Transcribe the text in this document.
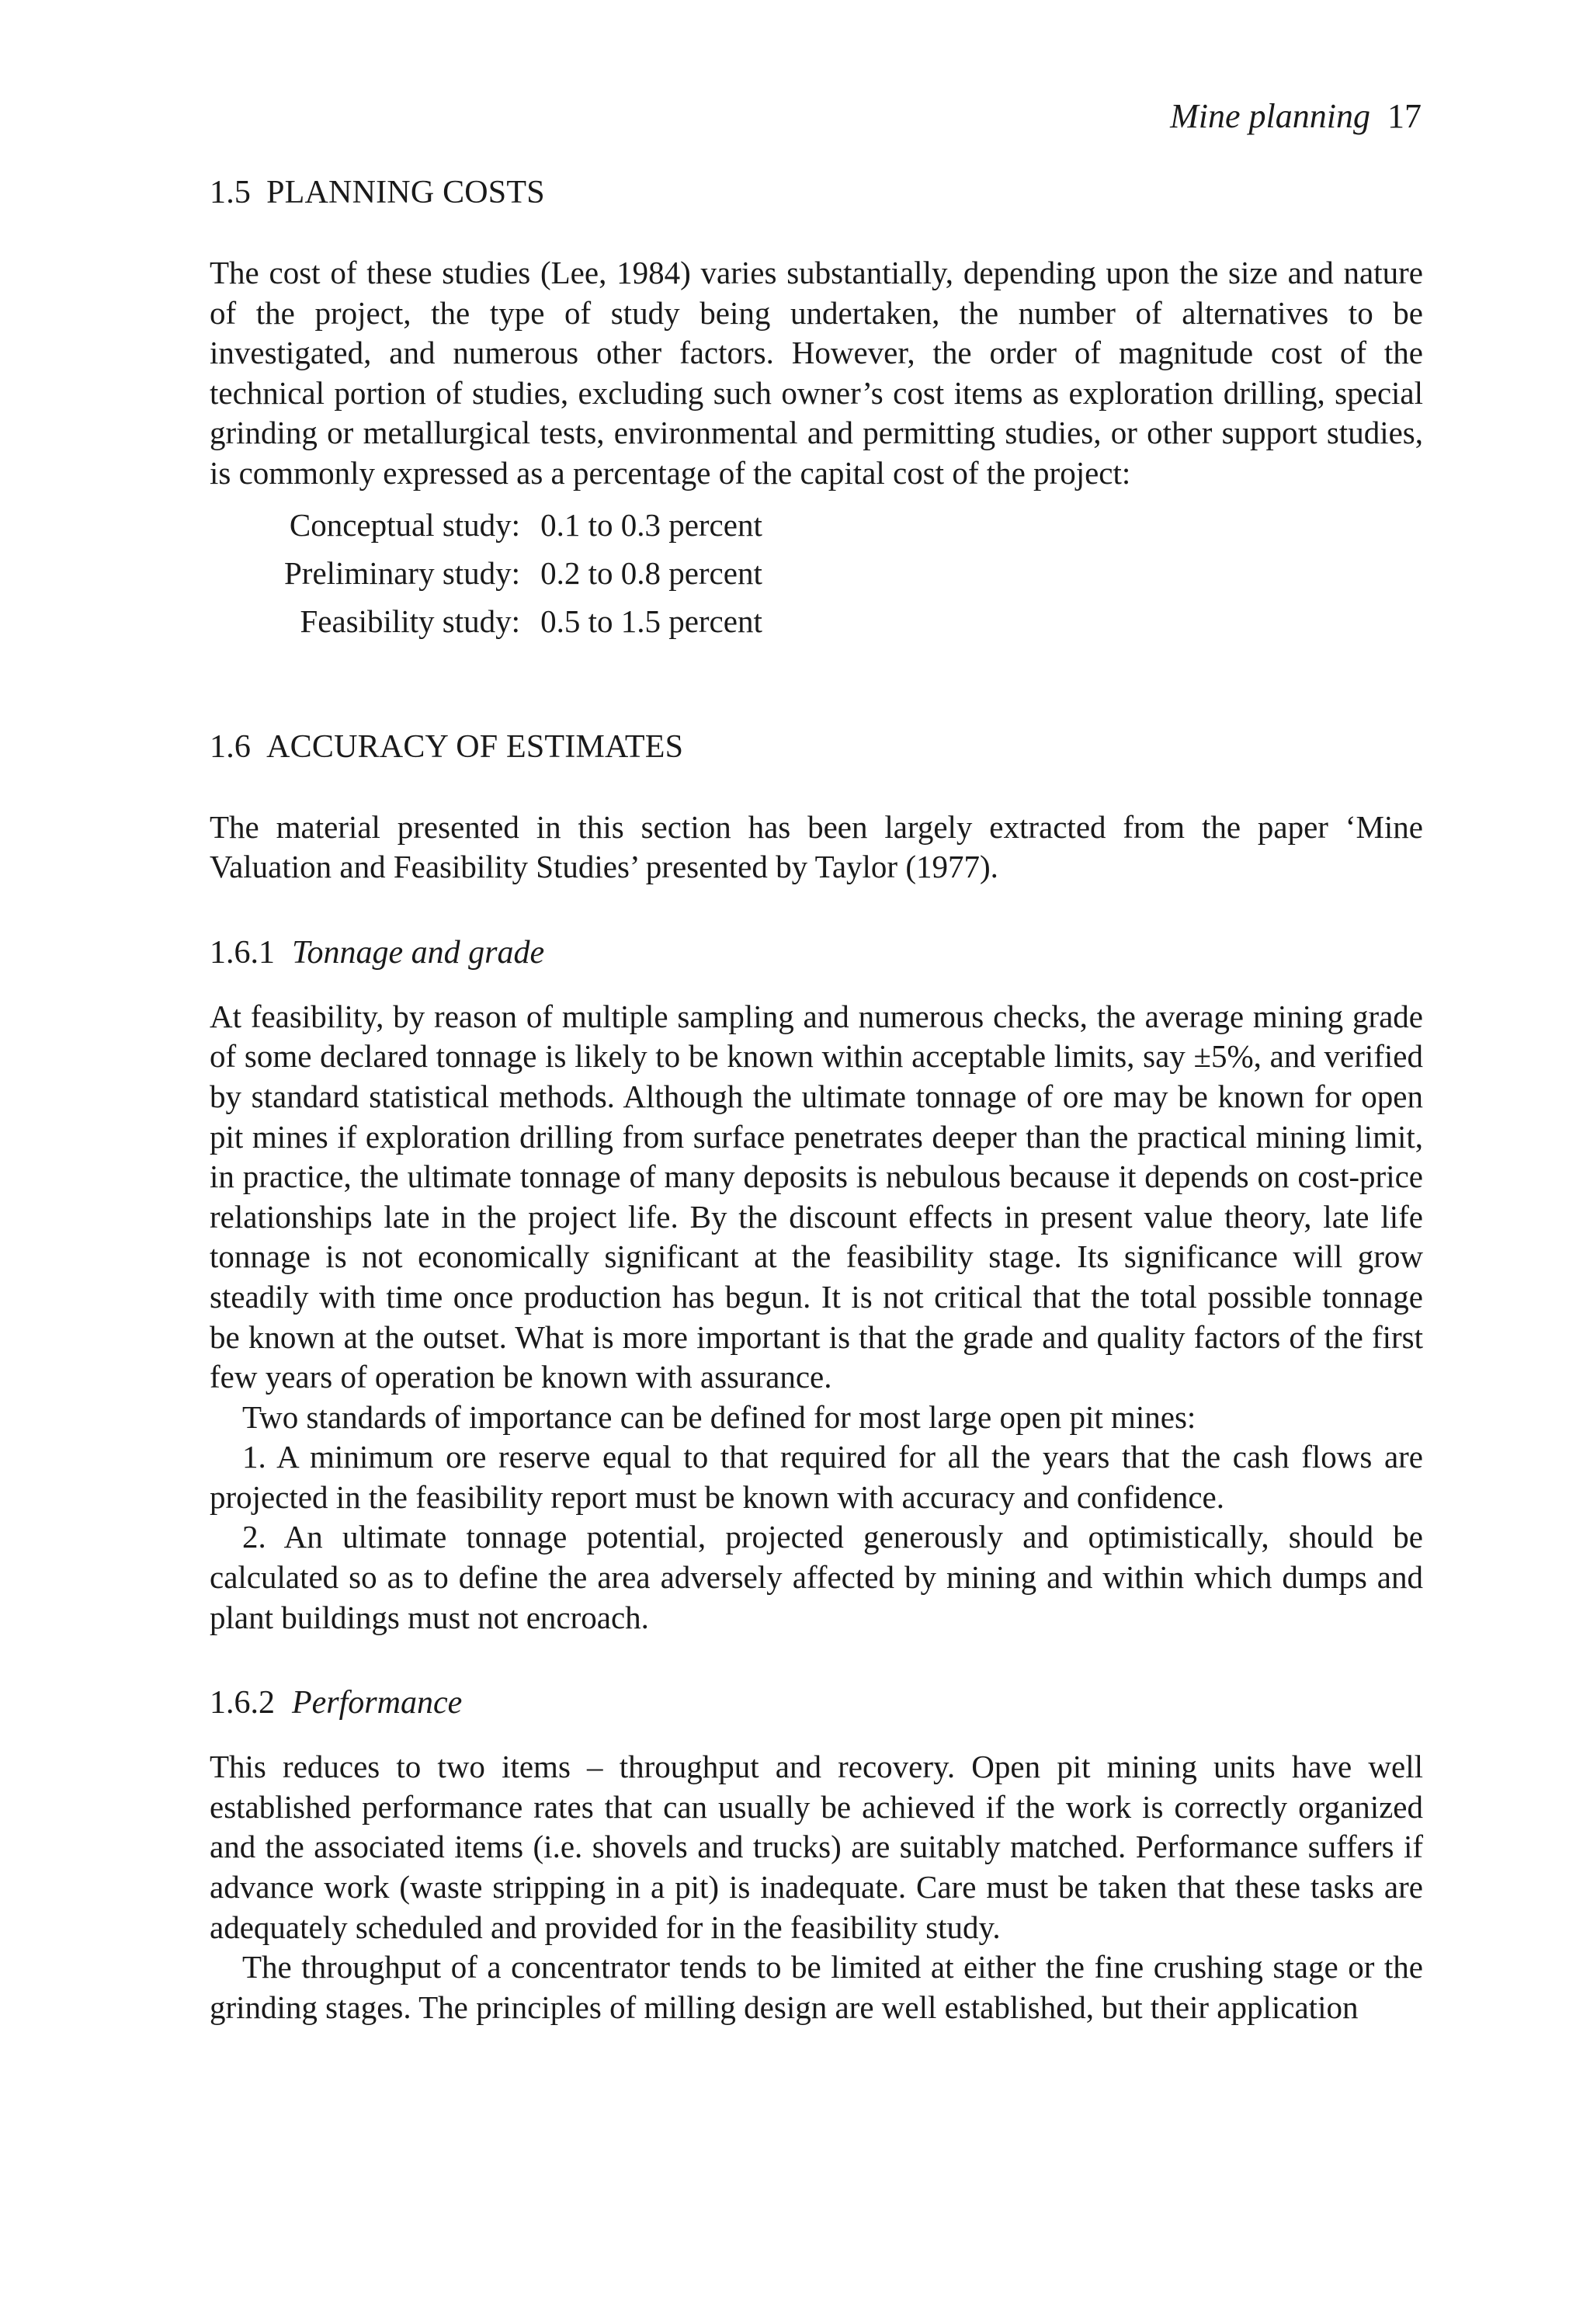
Mine planning 17
1.5 PLANNING COSTS

The cost of these studies (Lee, 1984) varies substantially, depending upon the size and nature of the project, the type of study being undertaken, the number of alternatives to be investigated, and numerous other factors. However, the order of magnitude cost of the technical portion of studies, excluding such owner’s cost items as exploration drilling, special grinding or metallurgical tests, environmental and permitting studies, or other support studies, is commonly expressed as a percentage of the capital cost of the project:

Conceptual study:	0.1 to 0.3 percent
Preliminary study:	0.2 to 0.8 percent
Feasibility study:	0.5 to 1.5 percent
1.6 ACCURACY OF ESTIMATES

The material presented in this section has been largely extracted from the paper ‘Mine Valuation and Feasibility Studies’ presented by Taylor (1977).

1.6.1 Tonnage and grade

At feasibility, by reason of multiple sampling and numerous checks, the average mining grade of some declared tonnage is likely to be known within acceptable limits, say ±5%, and verified by standard statistical methods. Although the ultimate tonnage of ore may be known for open pit mines if exploration drilling from surface penetrates deeper than the practical mining limit, in practice, the ultimate tonnage of many deposits is nebulous because it depends on cost-price relationships late in the project life. By the discount effects in present value theory, late life tonnage is not economically significant at the feasibility stage. Its significance will grow steadily with time once production has begun. It is not critical that the total possible tonnage be known at the outset. What is more important is that the grade and quality factors of the first few years of operation be known with assurance.

Two standards of importance can be defined for most large open pit mines:

1. A minimum ore reserve equal to that required for all the years that the cash flows are projected in the feasibility report must be known with accuracy and confidence.

2. An ultimate tonnage potential, projected generously and optimistically, should be calculated so as to define the area adversely affected by mining and within which dumps and plant buildings must not encroach.

1.6.2 Performance

This reduces to two items – throughput and recovery. Open pit mining units have well established performance rates that can usually be achieved if the work is correctly organized and the associated items (i.e. shovels and trucks) are suitably matched. Performance suffers if advance work (waste stripping in a pit) is inadequate. Care must be taken that these tasks are adequately scheduled and provided for in the feasibility study.

The throughput of a concentrator tends to be limited at either the fine crushing stage or the grinding stages. The principles of milling design are well established, but their application
